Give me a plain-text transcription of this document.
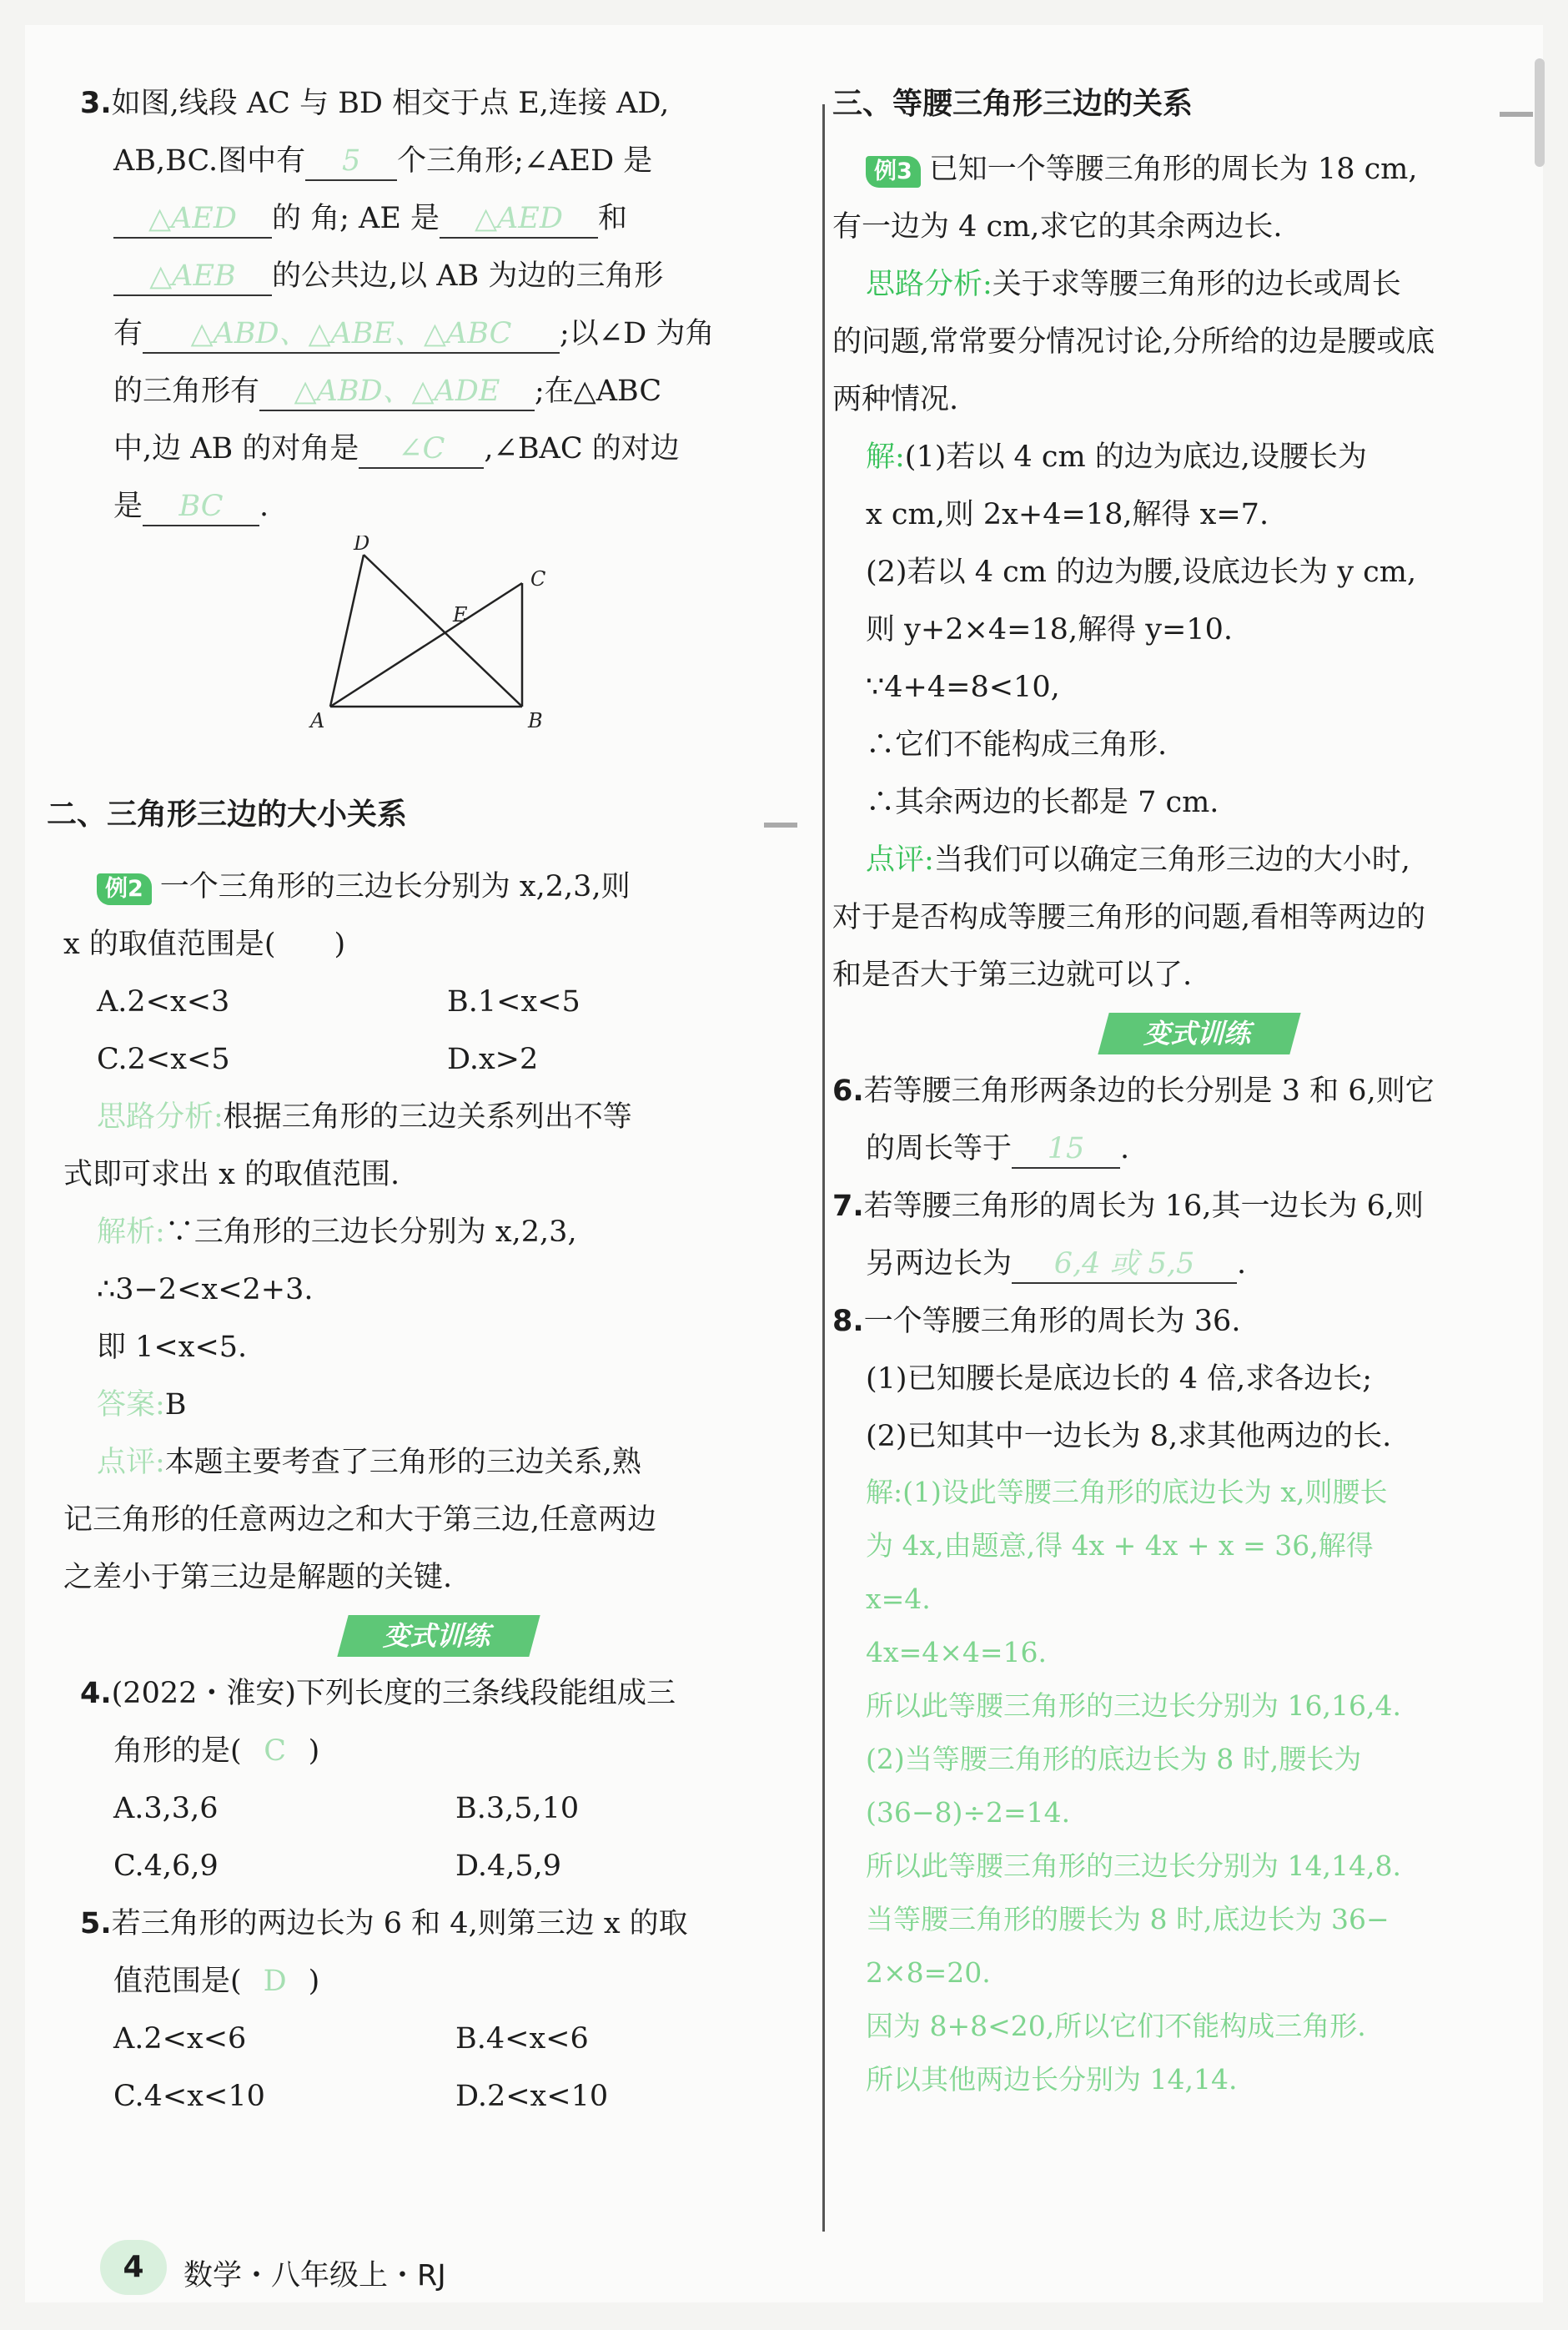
3.如图,线段 AC 与 BD 相交于点 E,连接 AD,
AB,BC.图中有 5 个三角形;∠AED 是
△AED 的 角; AE 是 △AED 和
△AEB 的公共边,以 AB 为边的三角形
有 △ABD、△ABE、△ABC ;以∠D 为角
的三角形有 △ABD、△ADE ;在△ABC
中,边 AB 的对角是 ∠C ,∠BAC 的对边
是 BC .
D
C
E
A	B
二、三角形三边的大小关系
例2 一个三角形的三边长分别为 x,2,3,则
x 的取值范围是(　　)
A.2<x<3	B.1<x<5
C.2<x<5	D.x>2
思路分析:根据三角形的三边关系列出不等
式即可求出 x 的取值范围.
解析:∵三角形的三边长分别为 x,2,3,
∴3−2<x<2+3.
即 1<x<5.
答案:B
点评:本题主要考查了三角形的三边关系,熟
记三角形的任意两边之和大于第三边,任意两边
之差小于第三边是解题的关键.
变式训练
4.(2022・淮安)下列长度的三条线段能组成三
角形的是( C )
A.3,3,6	B.3,5,10
C.4,6,9	D.4,5,9
5.若三角形的两边长为 6 和 4,则第三边 x 的取
值范围是( D )
A.2<x<6	B.4<x<6
C.4<x<10	D.2<x<10
三、等腰三角形三边的关系
例3 已知一个等腰三角形的周长为 18 cm,
有一边为 4 cm,求它的其余两边长.
思路分析:关于求等腰三角形的边长或周长
的问题,常常要分情况讨论,分所给的边是腰或底
两种情况.
解:(1)若以 4 cm 的边为底边,设腰长为
x cm,则 2x+4=18,解得 x=7.
(2)若以 4 cm 的边为腰,设底边长为 y cm,
则 y+2×4=18,解得 y=10.
∵4+4=8<10,
∴它们不能构成三角形.
∴其余两边的长都是 7 cm.
点评:当我们可以确定三角形三边的大小时,
对于是否构成等腰三角形的问题,看相等两边的
和是否大于第三边就可以了.
变式训练
6.若等腰三角形两条边的长分别是 3 和 6,则它
的周长等于 15 .
7.若等腰三角形的周长为 16,其一边长为 6,则
另两边长为 6,4 或 5,5 .
8.一个等腰三角形的周长为 36.
(1)已知腰长是底边长的 4 倍,求各边长;
(2)已知其中一边长为 8,求其他两边的长.
解:(1)设此等腰三角形的底边长为 x,则腰长
为 4x,由题意,得 4x + 4x + x = 36,解得
x=4.
4x=4×4=16.
所以此等腰三角形的三边长分别为 16,16,4.
(2)当等腰三角形的底边长为 8 时,腰长为
(36−8)÷2=14.
所以此等腰三角形的三边长分别为 14,14,8.
当等腰三角形的腰长为 8 时,底边长为 36−
2×8=20.
因为 8+8<20,所以它们不能构成三角形.
所以其他两边长分别为 14,14.
4	数学・八年级上・RJ
